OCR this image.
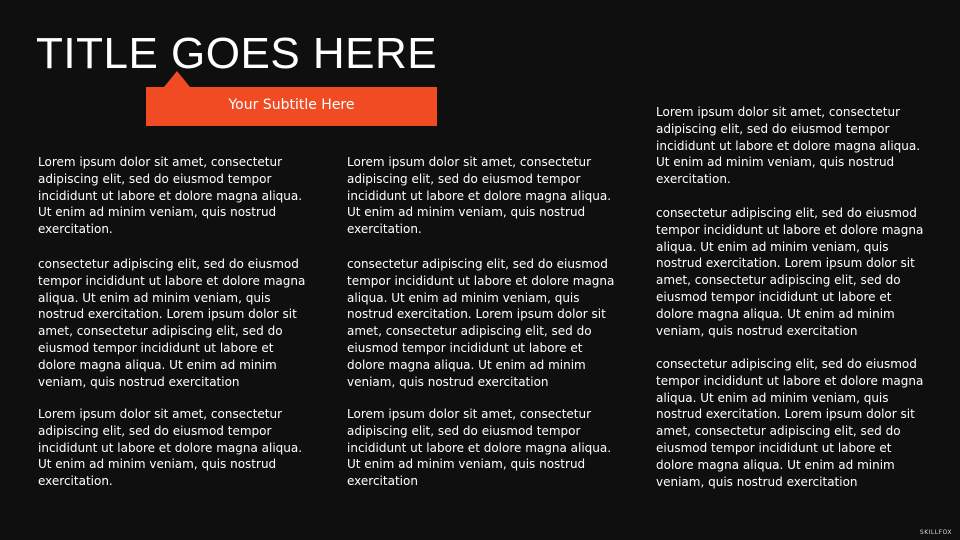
TITLE GOES HERE
Your Subtitle Here

Lorem ipsum dolor sit amet, consectetur adipiscing elit, sed do eiusmod tempor incididunt ut labore et dolore magna aliqua. Ut enim ad minim veniam, quis nostrud exercitation.

consectetur adipiscing elit, sed do eiusmod tempor incididunt ut labore et dolore magna aliqua. Ut enim ad minim veniam, quis nostrud exercitation. Lorem ipsum dolor sit amet, consectetur adipiscing elit, sed do eiusmod tempor incididunt ut labore et dolore magna aliqua. Ut enim ad minim veniam, quis nostrud exercitation

Lorem ipsum dolor sit amet, consectetur adipiscing elit, sed do eiusmod tempor incididunt ut labore et dolore magna aliqua. Ut enim ad minim veniam, quis nostrud exercitation.

Lorem ipsum dolor sit amet, consectetur adipiscing elit, sed do eiusmod tempor incididunt ut labore et dolore magna aliqua. Ut enim ad minim veniam, quis nostrud exercitation.

consectetur adipiscing elit, sed do eiusmod tempor incididunt ut labore et dolore magna aliqua. Ut enim ad minim veniam, quis nostrud exercitation. Lorem ipsum dolor sit amet, consectetur adipiscing elit, sed do eiusmod tempor incididunt ut labore et dolore magna aliqua. Ut enim ad minim veniam, quis nostrud exercitation

Lorem ipsum dolor sit amet, consectetur adipiscing elit, sed do eiusmod tempor incididunt ut labore et dolore magna aliqua. Ut enim ad minim veniam, quis nostrud exercitation

Lorem ipsum dolor sit amet, consectetur adipiscing elit, sed do eiusmod tempor incididunt ut labore et dolore magna aliqua. Ut enim ad minim veniam, quis nostrud exercitation.

consectetur adipiscing elit, sed do eiusmod tempor incididunt ut labore et dolore magna aliqua. Ut enim ad minim veniam, quis nostrud exercitation. Lorem ipsum dolor sit amet, consectetur adipiscing elit, sed do eiusmod tempor incididunt ut labore et dolore magna aliqua. Ut enim ad minim veniam, quis nostrud exercitation

consectetur adipiscing elit, sed do eiusmod tempor incididunt ut labore et dolore magna aliqua. Ut enim ad minim veniam, quis nostrud exercitation. Lorem ipsum dolor sit amet, consectetur adipiscing elit, sed do eiusmod tempor incididunt ut labore et dolore magna aliqua. Ut enim ad minim veniam, quis nostrud exercitation

SKILLFOX
